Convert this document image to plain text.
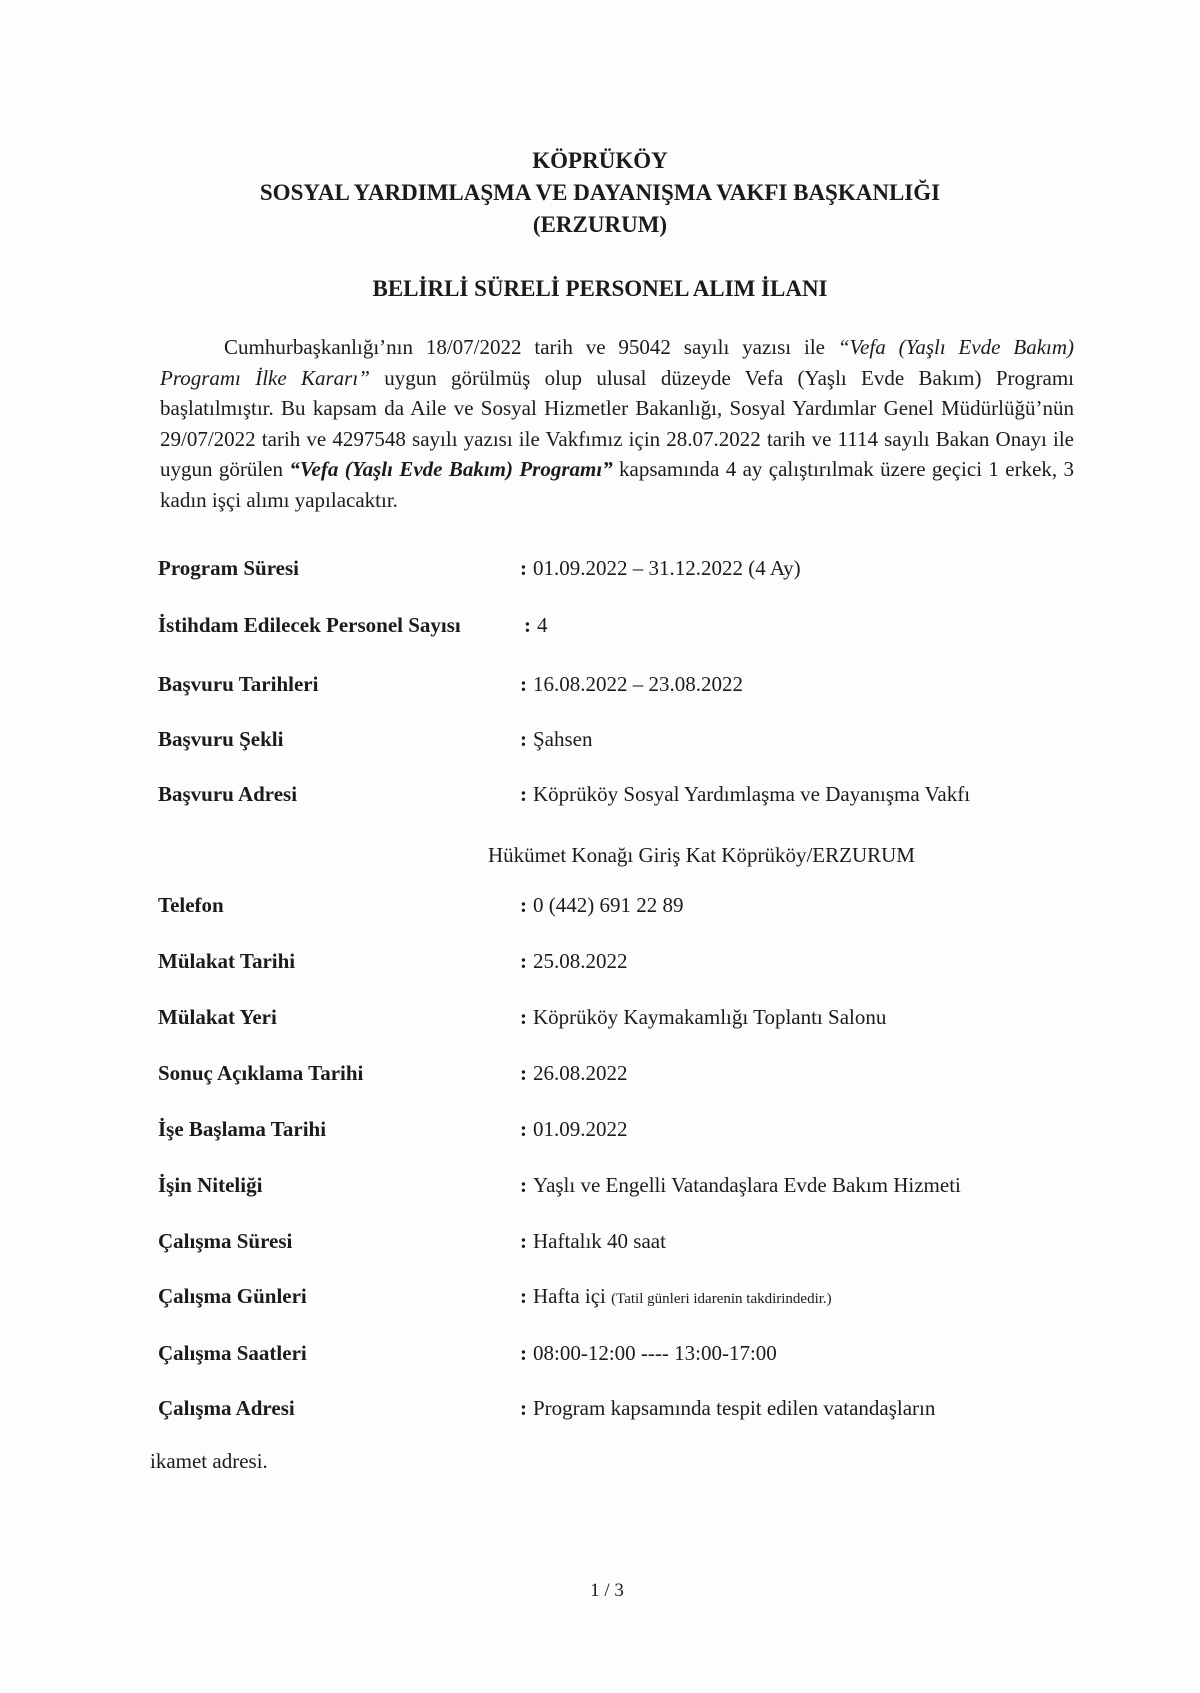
KÖPRÜKÖY
SOSYAL YARDIMLAŞMA VE DAYANIŞMA VAKFI BAŞKANLIĞI
(ERZURUM)
BELİRLİ SÜRELİ PERSONEL ALIM İLANI
Cumhurbaşkanlığı’nın 18/07/2022 tarih ve 95042 sayılı yazısı ile “Vefa (Yaşlı Evde Bakım) Programı İlke Kararı” uygun görülmüş olup ulusal düzeyde Vefa (Yaşlı Evde Bakım) Programı başlatılmıştır. Bu kapsam da Aile ve Sosyal Hizmetler Bakanlığı, Sosyal Yardımlar Genel Müdürlüğü’nün 29/07/2022 tarih ve 4297548 sayılı yazısı ile Vakfımız için 28.07.2022 tarih ve 1114 sayılı Bakan Onayı ile uygun görülen “Vefa (Yaşlı Evde Bakım) Programı” kapsamında 4 ay çalıştırılmak üzere geçici 1 erkek, 3 kadın işçi alımı yapılacaktır.
Program Süresi	: 01.09.2022 – 31.12.2022 (4 Ay)
İstihdam Edilecek Personel Sayısı	: 4
Başvuru Tarihleri	: 16.08.2022 – 23.08.2022
Başvuru Şekli	: Şahsen
Başvuru Adresi	: Köprüköy Sosyal Yardımlaşma ve Dayanışma Vakfı
Hükümet Konağı Giriş Kat Köprüköy/ERZURUM
Telefon	: 0 (442) 691 22 89
Mülakat Tarihi	: 25.08.2022
Mülakat Yeri	: Köprüköy Kaymakamlığı Toplantı Salonu
Sonuç Açıklama Tarihi	: 26.08.2022
İşe Başlama Tarihi	: 01.09.2022
İşin Niteliği	: Yaşlı ve Engelli Vatandaşlara Evde Bakım Hizmeti
Çalışma Süresi	: Haftalık 40 saat
Çalışma Günleri	: Hafta içi (Tatil günleri idarenin takdirindedir.)
Çalışma Saatleri	: 08:00-12:00 ---- 13:00-17:00
Çalışma Adresi	: Program kapsamında tespit edilen vatandaşların
ikamet adresi.
1 / 3
